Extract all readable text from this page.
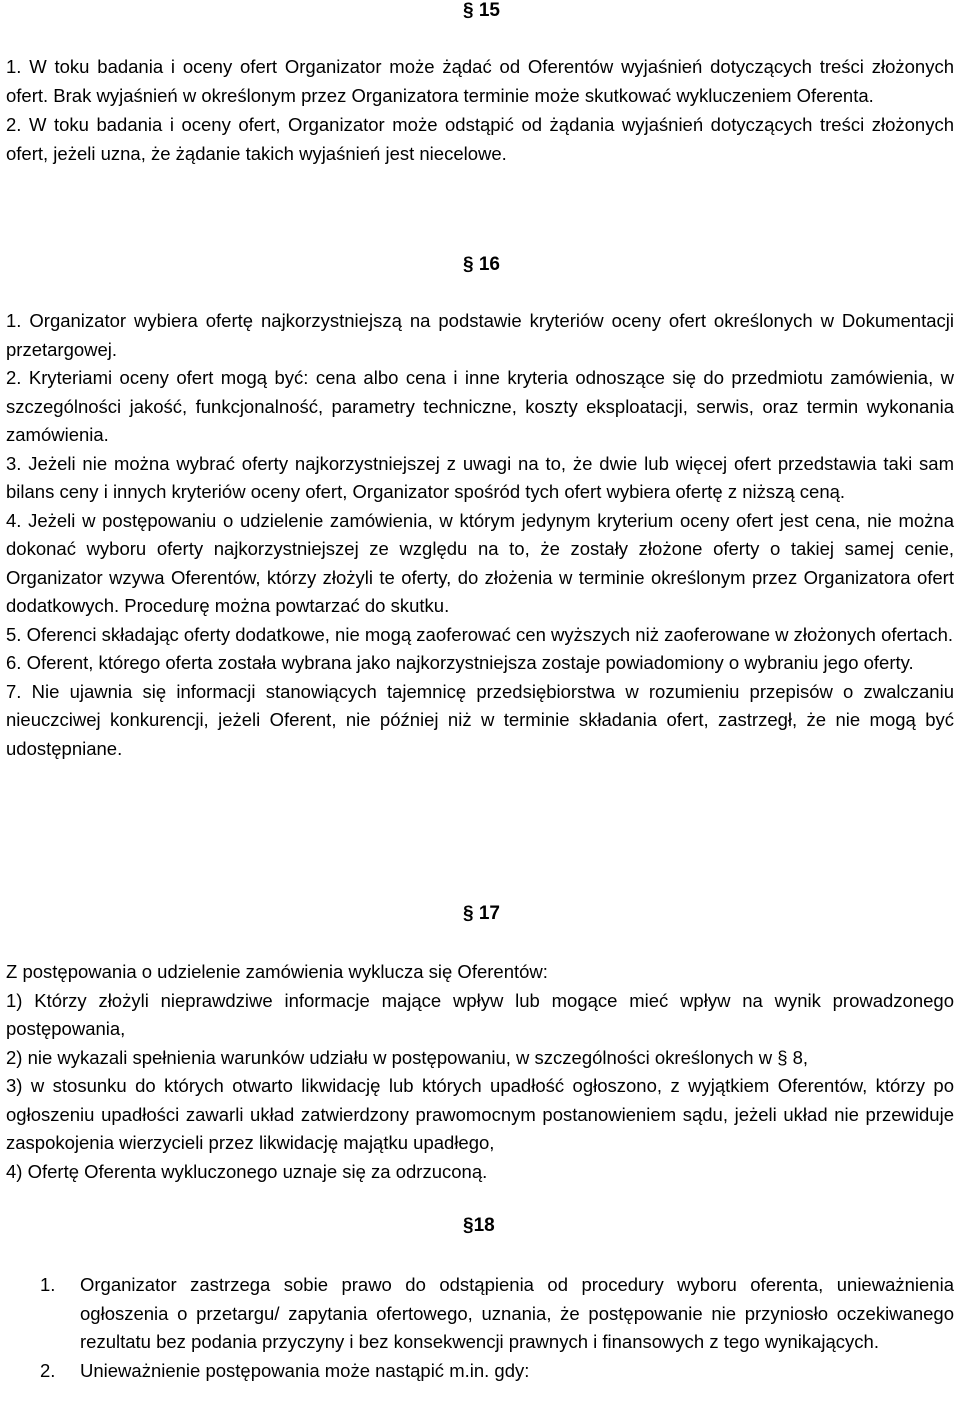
§ 15

1. W toku badania i oceny ofert Organizator może żądać od Oferentów wyjaśnień dotyczących treści złożonych ofert. Brak wyjaśnień w określonym przez Organizatora terminie może skutkować wykluczeniem Oferenta.

2. W toku badania i oceny ofert, Organizator może odstąpić od żądania wyjaśnień dotyczących treści złożonych ofert, jeżeli uzna, że żądanie takich wyjaśnień jest niecelowe.

§ 16

1. Organizator wybiera ofertę najkorzystniejszą na podstawie kryteriów oceny ofert określonych w Dokumentacji przetargowej.

2. Kryteriami oceny ofert mogą być: cena albo cena i inne kryteria odnoszące się do przedmiotu zamówienia, w szczególności jakość, funkcjonalność, parametry techniczne, koszty eksploatacji, serwis, oraz termin wykonania zamówienia.

3. Jeżeli nie można wybrać oferty najkorzystniejszej z uwagi na to, że dwie lub więcej ofert przedstawia taki sam bilans ceny i innych kryteriów oceny ofert, Organizator spośród tych ofert wybiera ofertę z niższą ceną.

4. Jeżeli w postępowaniu o udzielenie zamówienia, w którym jedynym kryterium oceny ofert jest cena, nie można dokonać wyboru oferty najkorzystniejszej ze względu na to, że zostały złożone oferty o takiej samej cenie, Organizator wzywa Oferentów, którzy złożyli te oferty, do złożenia w terminie określonym przez Organizatora ofert dodatkowych. Procedurę można powtarzać do skutku.

5. Oferenci składając oferty dodatkowe, nie mogą zaoferować cen wyższych niż zaoferowane w złożonych ofertach.

6. Oferent, którego oferta została wybrana jako najkorzystniejsza zostaje powiadomiony o wybraniu jego oferty.

7. Nie ujawnia się informacji stanowiących tajemnicę przedsiębiorstwa w rozumieniu przepisów o zwalczaniu nieuczciwej konkurencji, jeżeli Oferent, nie później niż w terminie składania ofert, zastrzegł, że nie mogą być udostępniane.

§ 17

Z postępowania o udzielenie zamówienia wyklucza się Oferentów:

1) Którzy złożyli nieprawdziwe informacje mające wpływ lub mogące mieć wpływ na wynik prowadzonego postępowania,

2) nie wykazali spełnienia warunków udziału w postępowaniu, w szczególności określonych w § 8,

3) w stosunku do których otwarto likwidację lub których upadłość ogłoszono, z wyjątkiem Oferentów, którzy po ogłoszeniu upadłości zawarli układ zatwierdzony prawomocnym postanowieniem sądu, jeżeli układ nie przewiduje zaspokojenia wierzycieli przez likwidację majątku upadłego,

4) Ofertę Oferenta wykluczonego uznaje się za odrzuconą.

§18
1. Organizator zastrzega sobie prawo do odstąpienia od procedury wyboru oferenta, unieważnienia ogłoszenia o przetargu/ zapytania ofertowego, uznania, że postępowanie nie przyniosło oczekiwanego rezultatu bez podania przyczyny i bez konsekwencji prawnych i finansowych z tego wynikających.
2. Unieważnienie postępowania może nastąpić m.in. gdy:
